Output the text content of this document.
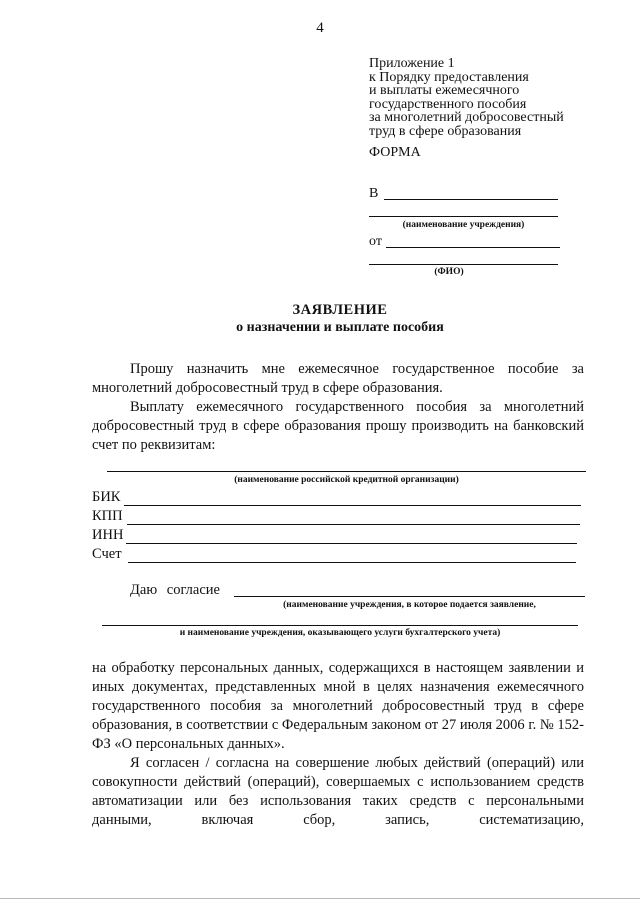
4
Приложение 1
к Порядку предоставления
и выплаты ежемесячного
государственного пособия
за многолетний добросовестный
труд в сфере образования
ФОРМА
В
(наименование учреждения)
от
(ФИО)
ЗАЯВЛЕНИЕ
о назначении и выплате пособия
Прошу назначить мне ежемесячное государственное пособие за многолетний добросовестный труд в сфере образования.
Выплату ежемесячного государственного пособия за многолетний добросовестный труд в сфере образования прошу производить на банковский счет по реквизитам:
(наименование российской кредитной организации)
БИК
КПП
ИНН
Счет
Даю согласие
(наименование учреждения, в которое подается заявление,
и наименование учреждения, оказывающего услуги бухгалтерского учета)
на обработку персональных данных, содержащихся в настоящем заявлении и иных документах, представленных мной в целях назначения ежемесячного государственного пособия за многолетний добросовестный труд в сфере образования, в соответствии с Федеральным законом от 27 июля 2006 г. № 152-ФЗ «О персональных данных».
Я согласен / согласна на совершение любых действий (операций) или совокупности действий (операций), совершаемых с использованием средств автоматизации или без использования таких средств с персональными данными, включая сбор, запись, систематизацию,
